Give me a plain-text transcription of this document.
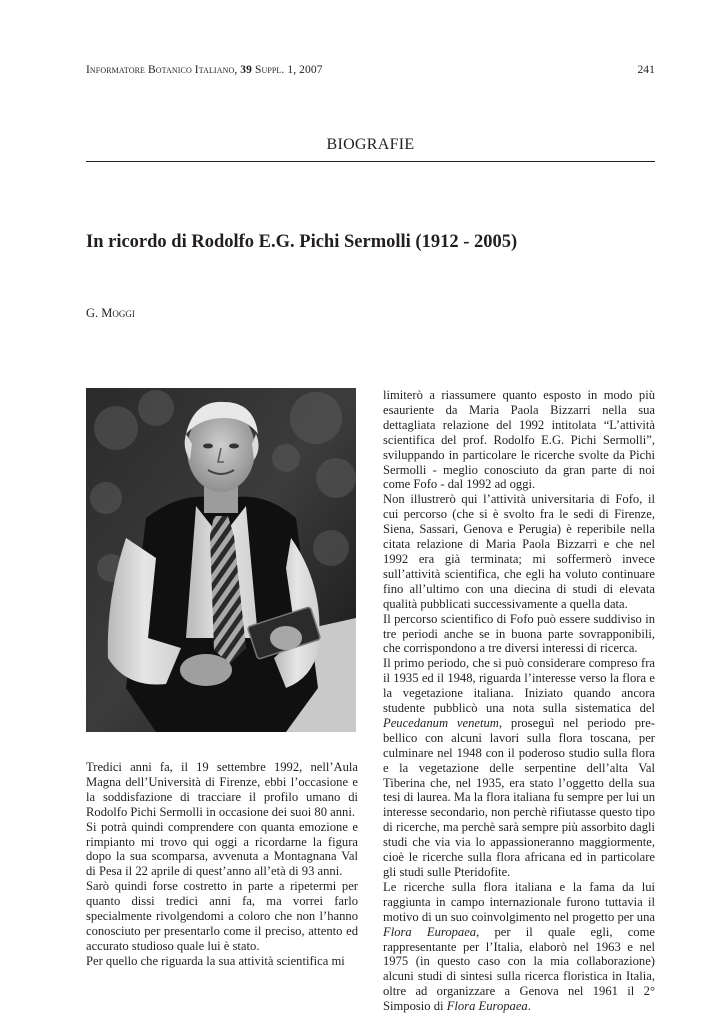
Informatore Botanico Italiano, 39 Suppl. 1, 2007	241
BIOGRAFIE
In ricordo di Rodolfo E.G. Pichi Sermolli (1912 - 2005)
G. Moggi

Tredici anni fa, il 19 settembre 1992, nell’Aula Magna dell’Università di Firenze, ebbi l’occasione e la soddisfazione di tracciare il profilo umano di Rodolfo Pichi Sermolli in occasione dei suoi 80 anni.

Si potrà quindi comprendere con quanta emozione e rimpianto mi trovo qui oggi a ricordarne la figura dopo la sua scomparsa, avvenuta a Montagnana Val di Pesa il 22 aprile di quest’anno all’età di 93 anni.

Sarò quindi forse costretto in parte a ripetermi per quanto dissi tredici anni fa, ma vorrei farlo specialmente rivolgendomi a coloro che non l’hanno conosciuto per presentarlo come il preciso, attento ed accurato studioso quale lui è stato.

Per quello che riguarda la sua attività scientifica mi

limiterò a riassumere quanto esposto in modo più esauriente da Maria Paola Bizzarri nella sua dettagliata relazione del 1992 intitolata “L’attività scientifica del prof. Rodolfo E.G. Pichi Sermolli”, sviluppando in particolare le ricerche svolte da Pichi Sermolli - meglio conosciuto da gran parte di noi come Fofo - dal 1992 ad oggi.

Non illustrerò qui l’attività universitaria di Fofo, il cui percorso (che si è svolto fra le sedi di Firenze, Siena, Sassari, Genova e Perugia) è reperibile nella citata relazione di Maria Paola Bizzarri e che nel 1992 era già terminata; mi soffermerò invece sull’attività scientifica, che egli ha voluto continuare fino all’ultimo con una diecina di studi di elevata qualità pubblicati successivamente a quella data.

Il percorso scientifico di Fofo può essere suddiviso in tre periodi anche se in buona parte sovrapponibili, che corrispondono a tre diversi interessi di ricerca.

Il primo periodo, che si può considerare compreso fra il 1935 ed il 1948, riguarda l’interesse verso la flora e la vegetazione italiana. Iniziato quando ancora studente pubblicò una nota sulla sistematica del Peucedanum venetum, proseguì nel periodo pre-bellico con alcuni lavori sulla flora toscana, per culminare nel 1948 con il poderoso studio sulla flora e la vegetazione delle serpentine dell’alta Val Tiberina che, nel 1935, era stato l’oggetto della sua tesi di laurea. Ma la flora italiana fu sempre per lui un interesse secondario, non perchè rifiutasse questo tipo di ricerche, ma perchè sarà sempre più assorbito dagli studi che via via lo appassioneranno maggiormente, cioè le ricerche sulla flora africana ed in particolare gli studi sulle Pteridofite.

Le ricerche sulla flora italiana e la fama da lui raggiunta in campo internazionale furono tuttavia il motivo di un suo coinvolgimento nel progetto per una Flora Europaea, per il quale egli, come rappresentante per l’Italia, elaborò nel 1963 e nel 1975 (in questo caso con la mia collaborazione) alcuni studi di sintesi sulla ricerca floristica in Italia, oltre ad organizzare a Genova nel 1961 il 2° Simposio di Flora Europaea.
